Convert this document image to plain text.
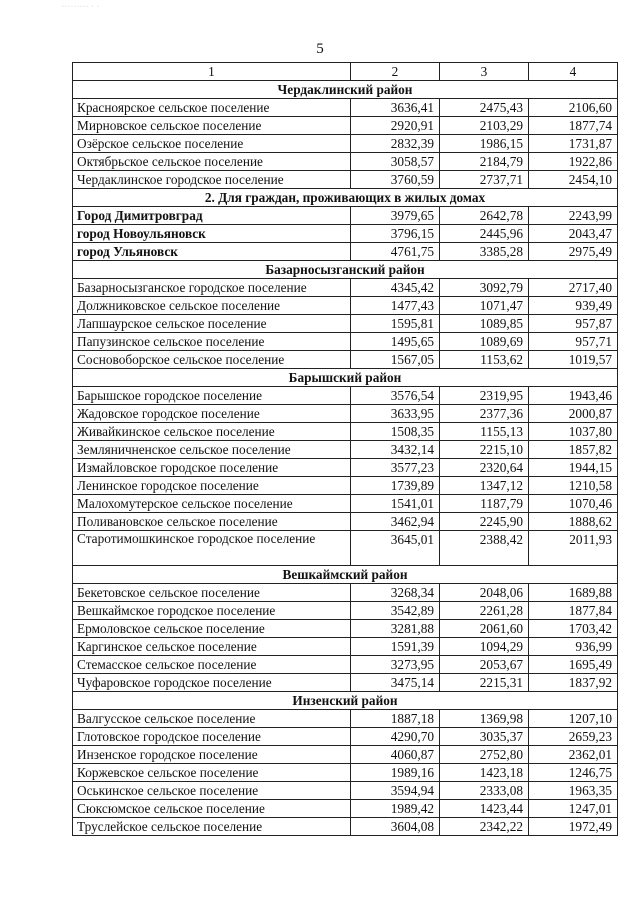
········· · ·
5
1	2	3	4
Чердаклинский район			
Красноярское сельское поселение	3636,41	2475,43	2106,60
Мирновское сельское поселение	2920,91	2103,29	1877,74
Озёрское сельское поселение	2832,39	1986,15	1731,87
Октябрьское сельское поселение	3058,57	2184,79	1922,86
Чердаклинское городское поселение	3760,59	2737,71	2454,10
2. Для граждан, проживающих в жилых домах			
Город Димитровград	3979,65	2642,78	2243,99
город Новоульяновск	3796,15	2445,96	2043,47
город Ульяновск	4761,75	3385,28	2975,49
Базарносызганский район			
Базарносызганское городское поселение	4345,42	3092,79	2717,40
Должниковское сельское поселение	1477,43	1071,47	939,49
Лапшаурское сельское поселение	1595,81	1089,85	957,87
Папузинское сельское поселение	1495,65	1089,69	957,71
Сосновоборское сельское поселение	1567,05	1153,62	1019,57
Барышский район			
Барышское городское поселение	3576,54	2319,95	1943,46
Жадовское городское поселение	3633,95	2377,36	2000,87
Живайкинское сельское поселение	1508,35	1155,13	1037,80
Земляничненское сельское поселение	3432,14	2215,10	1857,82
Измайловское городское поселение	3577,23	2320,64	1944,15
Ленинское городское поселение	1739,89	1347,12	1210,58
Малохомутерское сельское поселение	1541,01	1187,79	1070,46
Поливановское сельское поселение	3462,94	2245,90	1888,62
Старотимошкинское городское поселение	3645,01	2388,42	2011,93
Вешкаймский район			
Бекетовское сельское поселение	3268,34	2048,06	1689,88
Вешкаймское городское поселение	3542,89	2261,28	1877,84
Ермоловское сельское поселение	3281,88	2061,60	1703,42
Каргинское сельское поселение	1591,39	1094,29	936,99
Стемасское сельское поселение	3273,95	2053,67	1695,49
Чуфаровское городское поселение	3475,14	2215,31	1837,92
Инзенский район			
Валгусское сельское поселение	1887,18	1369,98	1207,10
Глотовское городское поселение	4290,70	3035,37	2659,23
Инзенское городское поселение	4060,87	2752,80	2362,01
Коржевское сельское поселение	1989,16	1423,18	1246,75
Оськинское сельское поселение	3594,94	2333,08	1963,35
Сюксюмское сельское поселение	1989,42	1423,44	1247,01
Труслейское сельское поселение	3604,08	2342,22	1972,49
